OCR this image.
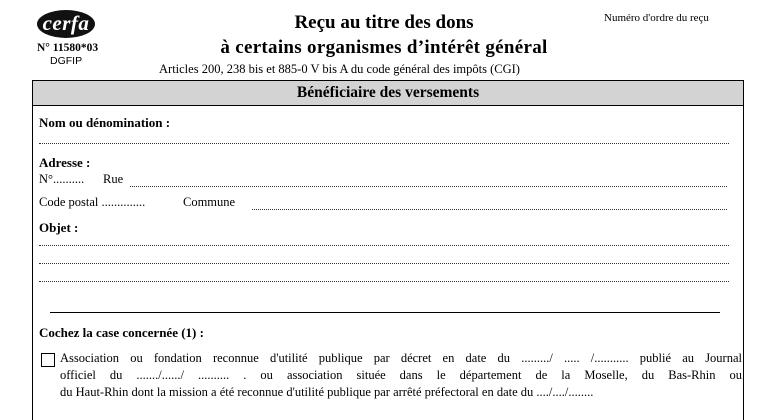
cerfa
N° 11580*03
DGFIP
Reçu au titre des dons
à certains organismes d’intérêt général
Articles 200, 238 bis et 885-0 V bis A du code général des impôts (CGI)
Numéro d'ordre du reçu
Bénéficiaire des versements
Nom ou dénomination :
Adresse :
N°.......... Rue
Code postal ..............	Commune
Objet :
Cochez la case concernée (1) :
Association ou fondation reconnue d'utilité publique par décret en date du ........./ ..... /........... publié au Journal
officiel du ......./....../ .......... . ou association située dans le département de la Moselle, du Bas-Rhin ou
du Haut-Rhin dont la mission a été reconnue d'utilité publique par arrêté préfectoral en date du ..../..../........
